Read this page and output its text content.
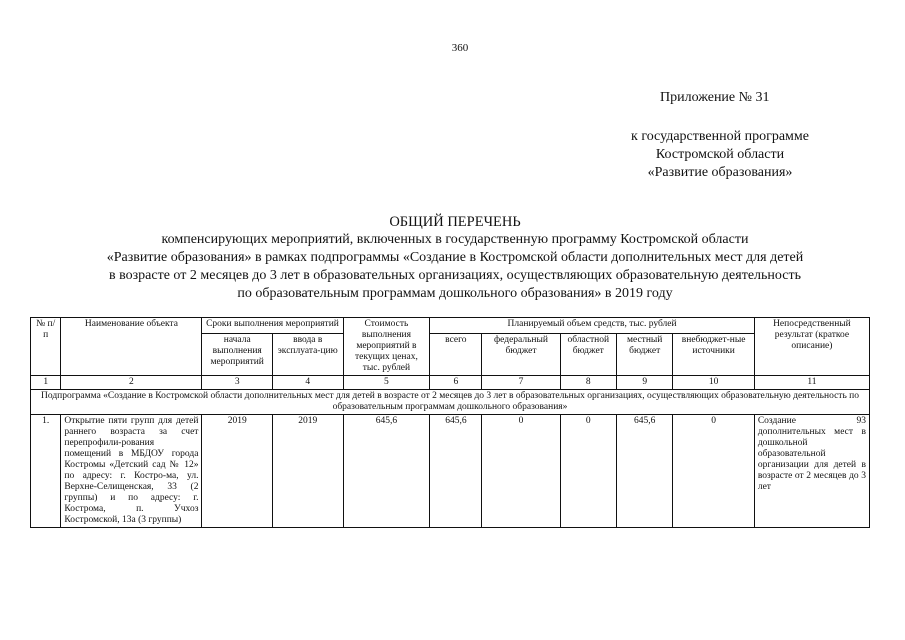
360
Приложение № 31
к государственной программе
Костромской области
«Развитие образования»
ОБЩИЙ ПЕРЕЧЕНЬ
компенсирующих мероприятий, включенных в государственную программу Костромской области
«Развитие образования» в рамках подпрограммы «Создание в Костромской области дополнительных мест для детей
в возрасте от 2 месяцев до 3 лет в образовательных организациях, осуществляющих образовательную деятельность
по образовательным программам дошкольного образования» в 2019 году
№ п/п	Наименование объекта	Сроки выполнения мероприятий		Стоимость выполнения мероприятий в текущих ценах, тыс. рублей	Планируемый объем средств, тыс. рублей					Непосредственный результат (краткое описание)
		начала выполнения мероприятий	ввода в эксплуата-цию		всего	федеральный бюджет	областной бюджет	местный бюджет	внебюджет-ные источники	
1	2	3	4	5	6	7	8	9	10	11
Подпрограмма «Создание в Костромской области дополнительных мест для детей в возрасте от 2 месяцев до 3 лет в образовательных организациях, осуществляющих образовательную деятельность по образовательным программам дошкольного образования»										
1.	Открытие пяти групп для детей раннего возраста за счет перепрофили-рования помещений в МБДОУ города Костромы «Детский сад № 12» по адресу: г. Костро-ма, ул. Верхне-Селищенская, 33 (2 группы) и по адресу: г. Кострома, п. Учхоз Костромской, 13а (3 группы)	2019	2019	645,6	645,6	0	0	645,6	0	Создание 93 дополнительных мест в дошкольной образовательной организации для детей в возрасте от 2 месяцев до 3 лет
